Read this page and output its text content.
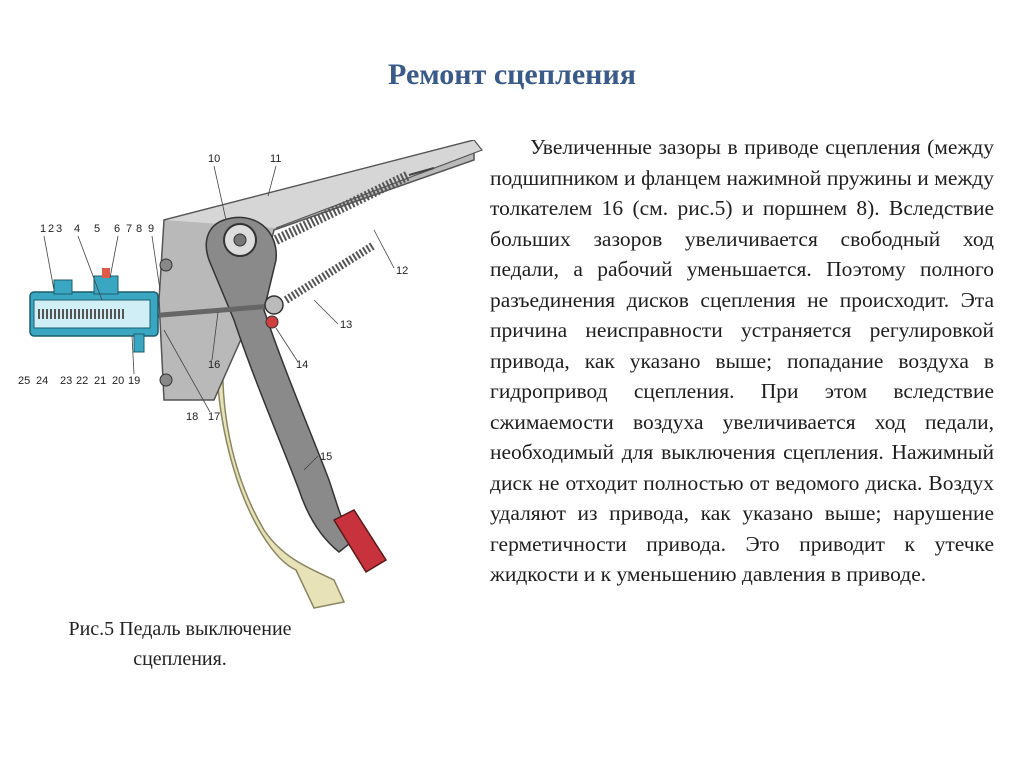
Ремонт сцепления
1 2 3 4 5 6 7 8 9
10	11
12
13
14
15
16
17
18
19
20
21
22
23
24
25
Рис.5 Педаль выключение сцепления.

Увеличенные зазоры в приводе сцепления (между подшипником и фланцем нажимной пружины и между толкателем 16 (см. рис.5) и поршнем 8). Вследствие больших зазоров увеличивается свободный ход педали, а рабочий уменьшается. Поэтому полного разъединения дисков сцепления не происходит. Эта причина неисправности устраняется регулировкой привода, как указано выше; попадание воздуха в гидропривод сцепления. При этом вследствие сжимаемости воздуха увеличивается ход педали, необходимый для выключения сцепления. Нажимный диск не отходит полностью от ведомого диска. Воздух удаляют из привода, как указано выше; нарушение герметичности привода. Это приводит к утечке жидкости и к уменьшению давления в приводе.
